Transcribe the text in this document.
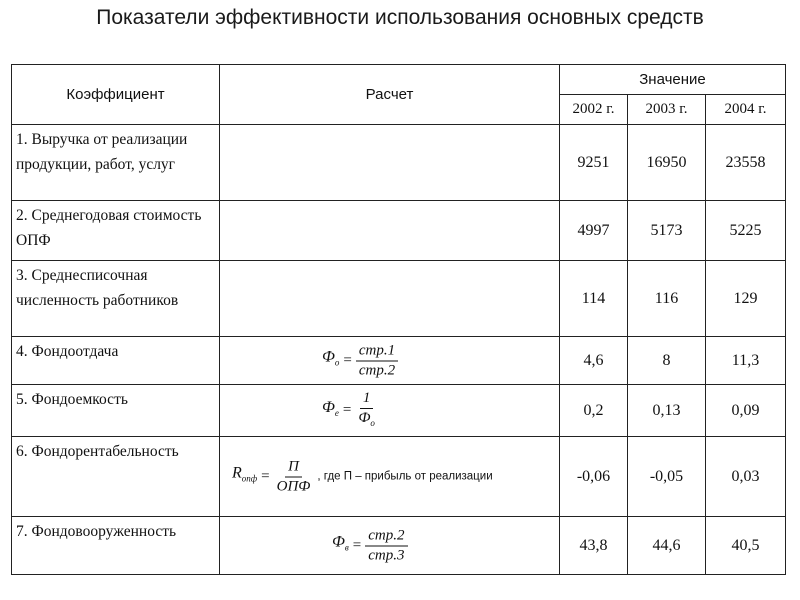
Показатели эффективности использования основных средств
Коэффициент	Расчет	Значение		
		2002 г.	2003 г.	2004 г.
1. Выручка от реализации продукции, работ, услуг		9251	16950	23558
2. Среднегодовая стоимость ОПФ		4997	5173	5225
3. Среднесписочная численность работников		114	116	129
4. Фондоотдача	$Ф_о = \frac{\text{стр.1}}{\text{стр.2}}$	4,6	8	11,3
5. Фондоемкость	$Ф_е = \frac{1}{Ф_о}$	0,2	0,13	0,09
6. Фондорентабельность	$R_{опф} = \frac{П}{\text{ОПФ}}$ , где П – прибыль от реализации	-0,06	-0,05	0,03
7. Фондовооруженность	$Ф_в = \frac{\text{стр.2}}{\text{стр.3}}$	43,8	44,6	40,5
